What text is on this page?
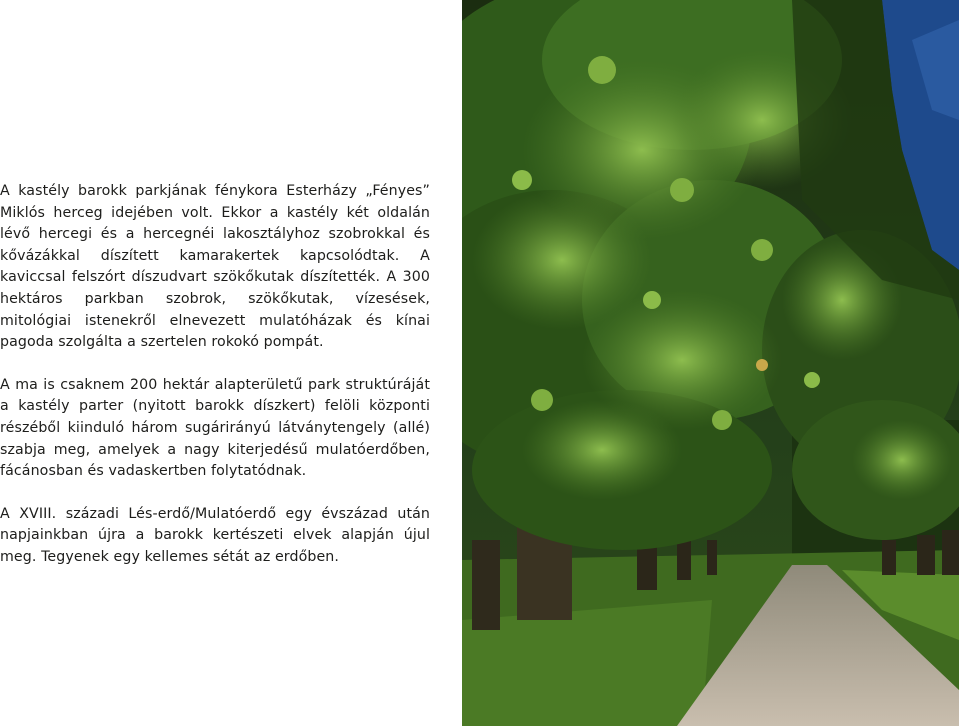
A kastély barokk parkjának fénykora Esterházy „Fényes” Miklós herceg idejében volt. Ekkor a kastély két oldalán lévő hercegi és a hercegnéi lakosztályhoz szobrokkal és kővázákkal díszített kamarakertek kapcsolódtak. A kaviccsal felszórt díszudvart szökőkutak díszítették. A 300 hektáros parkban szobrok, szökőkutak, vízesések, mitológiai istenekről elnevezett mulatóházak és kínai pagoda szolgálta a szertelen rokokó pompát.

A ma is csaknem 200 hektár alapterületű park struktúráját a kastély parter (nyitott barokk díszkert) felöli központi részéből kiinduló három sugárirányú látványtengely (allé) szabja meg, amelyek a nagy kiterjedésű mulatóerdőben, fácánosban és vadaskertben folytatódnak.

A XVIII. századi Lés-erdő/Mulatóerdő egy évszázad után napjainkban újra a barokk kertészeti elvek alapján újul meg. Tegyenek egy kellemes sétát az erdőben.
